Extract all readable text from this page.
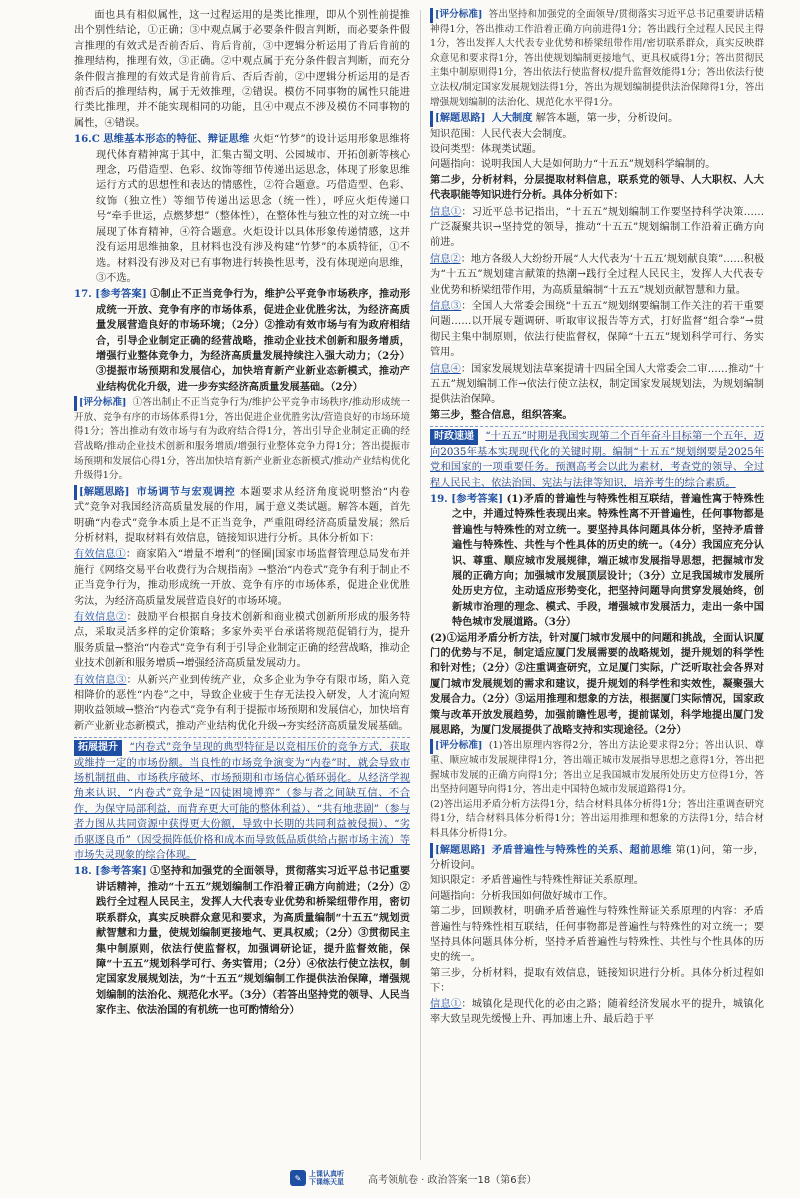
面也具有相似属性，这一过程运用的是类比推理，即从个别性前提推出个别性结论，①正确；③中观点属于必要条件假言判断，而必要条件假言推理的有效式是否前否后、肯后肯前，③中逻辑分析运用了肯后肯前的推理结构，推理有效，③正确。②中观点属于充分条件假言判断，而充分条件假言推理的有效式是肯前肯后、否后否前，②中逻辑分析运用的是否前否后的推理结构，属于无效推理，②错误。模仿不同事物的属性只能进行类比推理，并不能实现相同的功能，且④中观点不涉及模仿不同事物的属性，④错误。

16.C 思维基本形态的特征、辩证思维 火炬“竹梦”的设计运用形象思维将现代体育精神寓于其中，汇集古蜀文明、公园城市、开拓创新等核心理念，巧借造型、色彩、纹饰等细节传递出运思念，体现了形象思维运行方式的思想性和表达的情感性，②符合题意。巧借造型、色彩、纹饰（独立性）等细节传递出运思念（统一性），呼应火炬传递口号“牵手世运，点燃梦想”（整体性），在整体性与独立性的对立统一中展现了体育精神，④符合题意。火炬设计以具体形象传递情感，这并没有运用思维抽象，且材料也没有涉及构建“竹梦”的本质特征，①不选。材料没有涉及对已有事物进行转换性思考，没有体现逆向思维，③不选。
17. [参考答案] ①制止不正当竞争行为，维护公平竞争市场秩序，推动形成统一开放、竞争有序的市场体系，促进企业优胜劣汰，为经济高质量发展营造良好的市场环境；（2分）②推动有效市场与有为政府相结合，引导企业制定正确的经营战略，推动企业技术创新和服务增质，增强行业整体竞争力，为经济高质量发展持续注入强大动力；（2分）③提振市场预期和发展信心，加快培育新产业新业态新模式，推动产业结构优化升级，进一步夯实经济高质量发展基础。（2分）
[ 评分标准 ] ①答出制止不正当竞争行为/维护公平竞争市场秩序/推动形成统一开放、竞争有序的市场体系得1分，答出促进企业优胜劣汰/营造良好的市场环境得1分；答出推动有效市场与有为政府结合得1分，答出引导企业制定正确的经营战略/推动企业技术创新和服务增质/增强行业整体竞争力得1分；答出提振市场预期和发展信心得1分，答出加快培育新产业新业态新模式/推动产业结构优化升级得1分。
[ 解题思路 ] 市场调节与宏观调控 本题要求从经济角度说明整治“内卷式”竞争对我国经济高质量发展的作用，属于意义类试题。解答本题，首先明确“内卷式”竞争本质上是不正当竞争，严重阻碍经济高质量发展；然后分析材料，提取材料有效信息，链接知识进行分析。具体分析如下：

有效信息①：商家陷入“增量不增利”的怪圈|国家市场监督管理总局发布并施行《网络交易平台收费行为合规指南》→整治“内卷式”竞争有利于制止不正当竞争行为，推动形成统一开放、竞争有序的市场体系，促进企业优胜劣汰，为经济高质量发展营造良好的市场环境。

有效信息②：鼓励平台根据自身技术创新和商业模式创新所形成的服务特点，采取灵活多样的定价策略；多家外卖平台承诺将规范促销行为，提升服务质量→整治“内卷式”竞争有利于引导企业制定正确的经营战略，推动企业技术创新和服务增质→增强经济高质量发展动力。

有效信息③：从新兴产业到传统产业，众多企业为争夺有限市场，陷入竞相降价的恶性“内卷”之中，导致企业疲于生存无法投入研发，人才流向短期收益领域→整治“内卷式”竞争有利于提振市场预期和发展信心，加快培育新产业新业态新模式，推动产业结构优化升级→夯实经济高质量发展基础。

拓展提升 “内卷式”竞争呈现的典型特征是以竞相压价的竞争方式，获取或维持一定的市场份额。当良性的市场竞争演变为“内卷”时，就会导致市场机制扭曲、市场秩序破坏、市场预期和市场信心循环弱化。从经济学视角来认识，“内卷式”竞争是“囚徒困境博弈”（参与者之间缺互信、不合作，为保守局部利益，而背弃更大可能的整体利益）、“共有地悲剧”（参与者力图从共同资源中获得更大份额，导致中长期的共同利益被侵损）、“劣币驱逐良币”（因受损阵低价格和成本而导致低品质供给占据市场主流）等市场失灵现象的综合体现。
18. [参考答案] ①坚持和加强党的全面领导，贯彻落实习近平总书记重要讲话精神，推动“十五五”规划编制工作沿着正确方向前进；（2分）②践行全过程人民民主，发挥人大代表专业优势和桥梁纽带作用，密切联系群众，真实反映群众意见和要求，为高质量编制“十五五”规划贡献智慧和力量，使规划编制更接地气、更具权威；（2分）③贯彻民主集中制原则，依法行使监督权，加强调研论证，提升监督效能，保障“十五五”规划科学可行、务实管用；（2分）④依法行使立法权，制定国家发展规划法，为“十五五”规划编制工作提供法治保障，增强规划编制的法治化、规范化水平。（3分）（若答出坚持党的领导、人民当家作主、依法治国的有机统一也可酌情给分）
[ 评分标准 ] 答出坚持和加强党的全面领导/贯彻落实习近平总书记重要讲话精神得1分，答出推动工作沿着正确方向前进得1分；答出践行全过程人民民主得1分，答出发挥人大代表专业优势和桥梁纽带作用/密切联系群众，真实反映群众意见和要求得1分，答出使规划编制更接地气、更具权威得1分；答出贯彻民主集中制原则得1分，答出依法行使监督权/提升监督效能得1分；答出依法行使立法权/制定国家发展规划法得1分，答出为规划编制提供法治保障得1分，答出增强规划编制的法治化、规范化水平得1分。
[ 解题思路 ] 人大制度 解答本题，第一步，分析设问。

知识范围：人民代表大会制度。

设问类型：体现类试题。

问题指向：说明我国人大是如何助力“十五五”规划科学编制的。

第二步，分析材料，分层提取材料信息，联系党的领导、人大职权、人大代表职能等知识进行分析。具体分析如下：

信息①：习近平总书记指出，“十五五”规划编制工作要坚持科学决策……广泛凝聚共识→坚持党的领导，推动“十五五”规划编制工作沿着正确方向前进。

信息②：地方各级人大纷纷开展“人大代表为‘十五五’规划献良策”……积极为“十五五”规划建言献策的热潮→践行全过程人民民主，发挥人大代表专业优势和桥梁纽带作用，为高质量编制“十五五”规划贡献智慧和力量。

信息③：全国人大常委会围绕“十五五”规划纲要编制工作关注的若干重要问题……以开展专题调研、听取审议报告等方式，打好监督“组合拳”→贯彻民主集中制原则，依法行使监督权，保障“十五五”规划科学可行、务实管用。

信息④：国家发展规划法草案提请十四届全国人大常委会二审……推动“十五五”规划编制工作→依法行使立法权，制定国家发展规划法，为规划编制提供法治保障。

第三步，整合信息，组织答案。

时政速递 “十五五”时期是我国实现第二个百年奋斗目标第一个五年，迈向2035年基本实现现代化的关键时期。编制“十五五”规划纲要是2025年党和国家的一项重要任务。预测高考会以此为素材，考查党的领导、全过程人民民主、依法治国、宪法与法律等知识，培养考生的综合素质。
19. [参考答案] (1)矛盾的普遍性与特殊性相互联结，普遍性寓于特殊性之中，并通过特殊性表现出来。特殊性离不开普遍性，任何事物都是普遍性与特殊性的对立统一。要坚持具体问题具体分析，坚持矛盾普遍性与特殊性、共性与个性具体的历史的统一。（4分）我国应充分认识、尊重、顺应城市发展规律，端正城市发展指导思想，把握城市发展的正确方向；加强城市发展顶层设计；（3分）立足我国城市发展所处历史方位，主动适应形势变化，把坚持问题导向贯穿发展始终，创新城市治理的理念、模式、手段，增强城市发展活力，走出一条中国特色城市发展道路。（3分）

(2)①运用矛盾分析方法，针对厦门城市发展中的问题和挑战，全面认识厦门的优势与不足，制定适应厦门发展需要的战略规划，提升规划的科学性和针对性；（2分）②注重调查研究，立足厦门实际，广泛听取社会各界对厦门城市发展规划的需求和建议，提升规划的科学性和实效性，凝聚强大发展合力。（2分）③运用推理和想象的方法，根据厦门实际情况，国家政策与改革开放发展趋势，加强前瞻性思考，提前谋划，科学地提出厦门发展思路，为厦门发展提供了战略支持和实现途径。（2分）

[ 评分标准 ] (1)答出原理内容得2分，答出方法论要求得2分；答出认识、尊重、顺应城市发展规律得1分，答出端正城市发展指导思想之意得1分，答出把握城市发展的正确方向得1分；答出立足我国城市发展所处历史方位得1分，答出坚持问题导向得1分，答出走中国特色城市发展道路得1分。

(2)答出运用矛盾分析方法得1分，结合材料具体分析得1分；答出注重调查研究得1分，结合材料具体分析得1分；答出运用推理和想象的方法得1分，结合材料具体分析得1分。

[ 解题思路 ] 矛盾普遍性与特殊性的关系、超前思维 第(1)问，第一步，分析设问。

知识限定：矛盾普遍性与特殊性辩证关系原理。

问题指向：分析我国如何做好城市工作。

第二步，回顾教材，明确矛盾普遍性与特殊性辩证关系原理的内容：矛盾普遍性与特殊性相互联结，任何事物都是普遍性与特殊性的对立统一；要坚持具体问题具体分析，坚持矛盾普遍性与特殊性、共性与个性具体的历史的统一。

第三步，分析材料，提取有效信息，链接知识进行分析。具体分析过程如下：

信息①：城镇化是现代化的必由之路；随着经济发展水平的提升，城镇化率大致呈现先缓慢上升、再加速上升、最后趋于平

✎	上课认真听
下课练天星 高考领航卷 · 政治答案一18（第6套）
